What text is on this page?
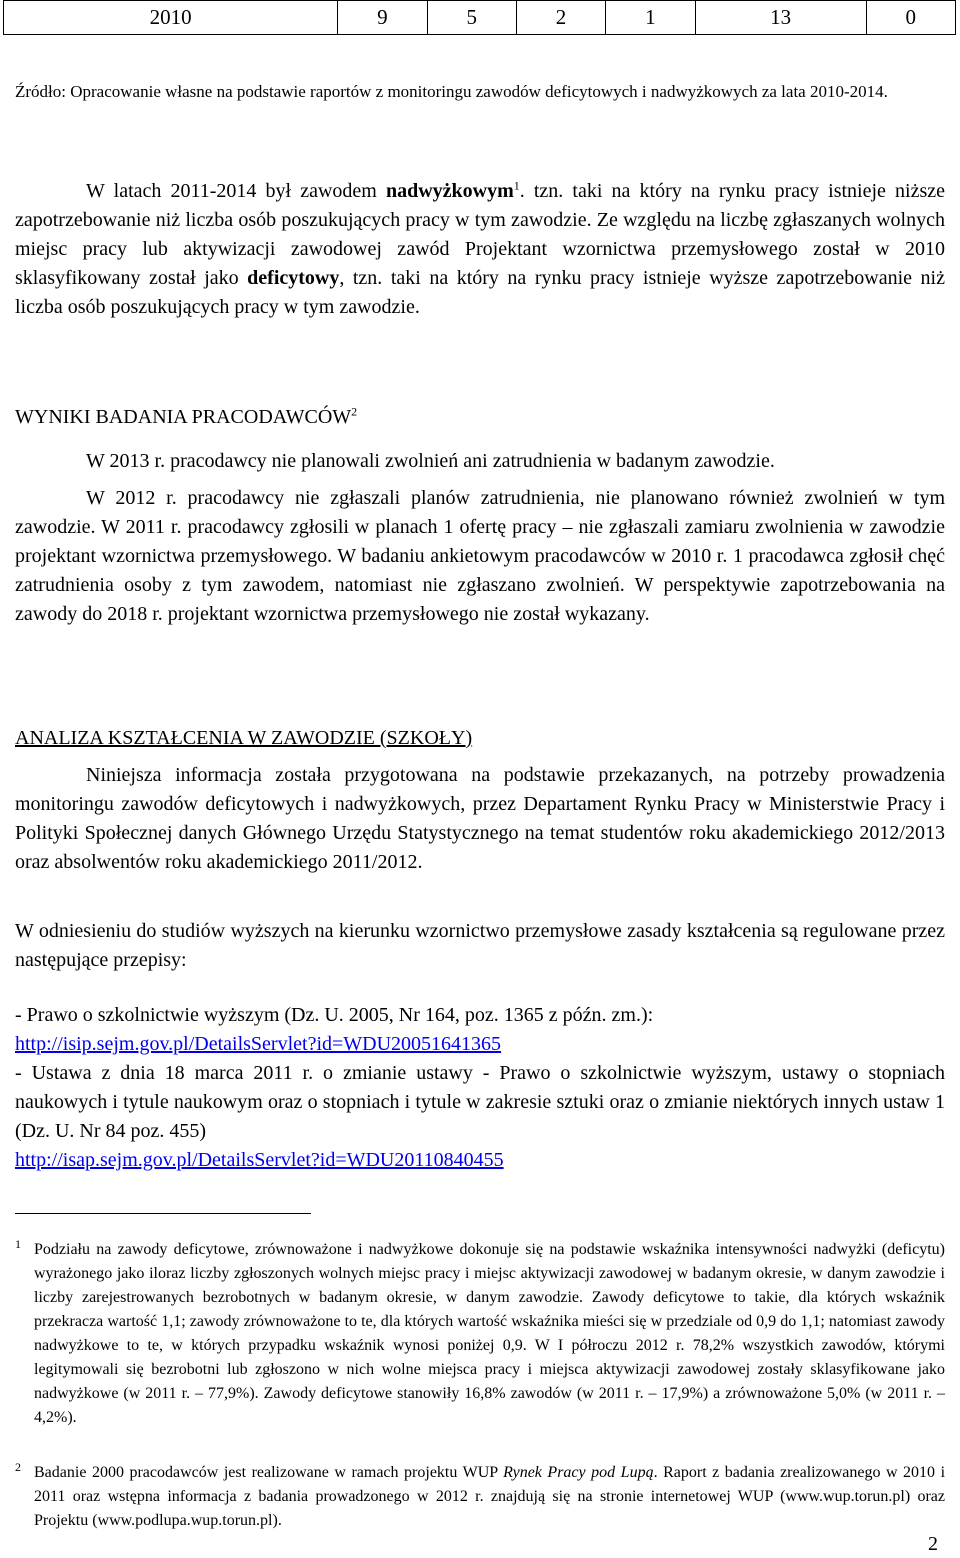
2010	9	5	2	1	13	0
Źródło: Opracowanie własne na podstawie raportów z monitoringu zawodów deficytowych i nadwyżkowych za lata 2010-2014.
W latach 2011-2014 był zawodem nadwyżkowym$^1$. tzn. taki na który na rynku pracy istnieje niższe zapotrzebowanie niż liczba osób poszukujących pracy w tym zawodzie. Ze względu na liczbę zgłaszanych wolnych miejsc pracy lub aktywizacji zawodowej zawód Projektant wzornictwa przemysłowego został w 2010 sklasyfikowany został jako deficytowy, tzn. taki na który na rynku pracy istnieje wyższe zapotrzebowanie niż liczba osób poszukujących pracy w tym zawodzie.
WYNIKI BADANIA PRACODAWCÓW$^2$
W 2013 r. pracodawcy nie planowali zwolnień ani zatrudnienia w badanym zawodzie.
W 2012 r. pracodawcy nie zgłaszali planów zatrudnienia, nie planowano również zwolnień w tym zawodzie. W 2011 r. pracodawcy zgłosili w planach 1 ofertę pracy – nie zgłaszali zamiaru zwolnienia w zawodzie projektant wzornictwa przemysłowego. W badaniu ankietowym pracodawców w 2010 r. 1 pracodawca zgłosił chęć zatrudnienia osoby z tym zawodem, natomiast nie zgłaszano zwolnień. W perspektywie zapotrzebowania na zawody do 2018 r. projektant wzornictwa przemysłowego nie został wykazany.
ANALIZA KSZTAŁCENIA W ZAWODZIE (SZKOŁY)
Niniejsza informacja została przygotowana na podstawie przekazanych, na potrzeby prowadzenia monitoringu zawodów deficytowych i nadwyżkowych, przez Departament Rynku Pracy w Ministerstwie Pracy i Polityki Społecznej danych Głównego Urzędu Statystycznego na temat studentów roku akademickiego 2012/2013 oraz absolwentów roku akademickiego 2011/2012.
W odniesieniu do studiów wyższych na kierunku wzornictwo przemysłowe zasady kształcenia są regulowane przez następujące przepisy:
- Prawo o szkolnictwie wyższym (Dz. U. 2005, Nr 164, poz. 1365 z późn. zm.):
http://isip.sejm.gov.pl/DetailsServlet?id=WDU20051641365
- Ustawa z dnia 18 marca 2011 r. o zmianie ustawy - Prawo o szkolnictwie wyższym, ustawy o stopniach naukowych i tytule naukowym oraz o stopniach i tytule w zakresie sztuki oraz o zmianie niektórych innych ustaw 1 (Dz. U. Nr 84 poz. 455)
http://isap.sejm.gov.pl/DetailsServlet?id=WDU20110840455
1 Podziału na zawody deficytowe, zrównoważone i nadwyżkowe dokonuje się na podstawie wskaźnika intensywności nadwyżki (deficytu) wyrażonego jako iloraz liczby zgłoszonych wolnych miejsc pracy i miejsc aktywizacji zawodowej w badanym okresie, w danym zawodzie i liczby zarejestrowanych bezrobotnych w badanym okresie, w danym zawodzie. Zawody deficytowe to takie, dla których wskaźnik przekracza wartość 1,1; zawody zrównoważone to te, dla których wartość wskaźnika mieści się w przedziale od 0,9 do 1,1; natomiast zawody nadwyżkowe to te, w których przypadku wskaźnik wynosi poniżej 0,9. W I półroczu 2012 r. 78,2% wszystkich zawodów, którymi legitymowali się bezrobotni lub zgłoszono w nich wolne miejsca pracy i miejsca aktywizacji zawodowej zostały sklasyfikowane jako nadwyżkowe (w 2011 r. – 77,9%). Zawody deficytowe stanowiły 16,8% zawodów (w 2011 r. – 17,9%) a zrównoważone 5,0% (w 2011 r. – 4,2%).
2 Badanie 2000 pracodawców jest realizowane w ramach projektu WUP Rynek Pracy pod Lupą. Raport z badania zrealizowanego w 2010 i 2011 oraz wstępna informacja z badania prowadzonego w 2012 r. znajdują się na stronie internetowej WUP (www.wup.torun.pl) oraz Projektu (www.podlupa.wup.torun.pl).
2
